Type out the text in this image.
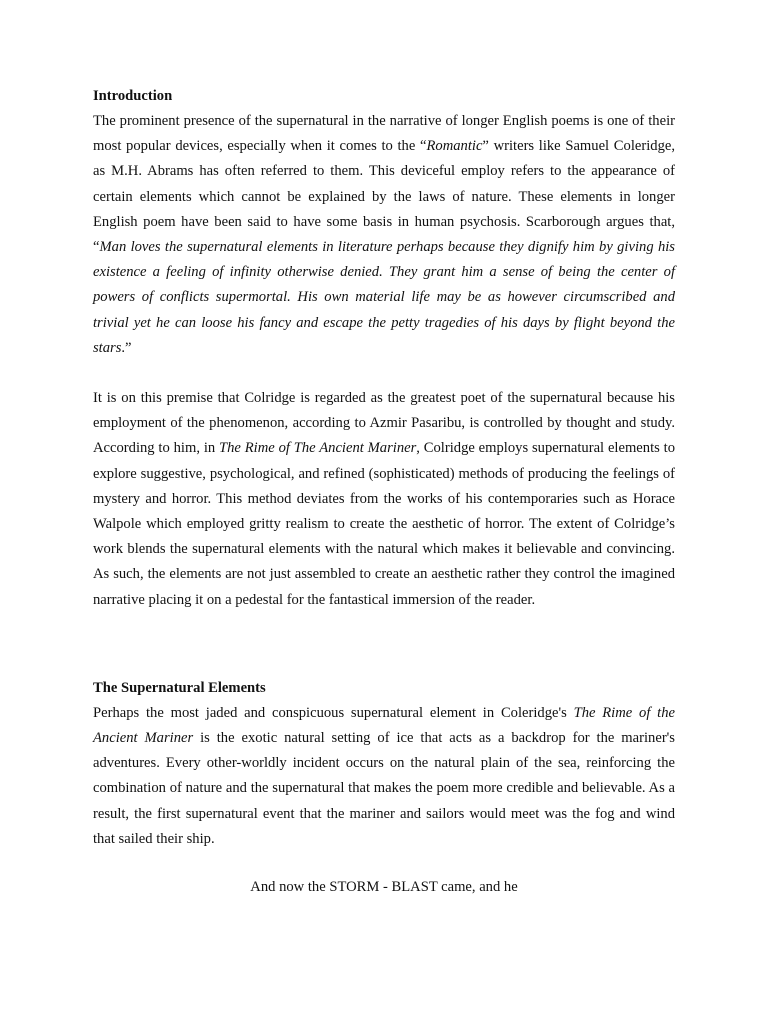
Introduction

The prominent presence of the supernatural in the narrative of longer English poems is one of their most popular devices, especially when it comes to the “Romantic” writers like Samuel Coleridge, as M.H. Abrams has often referred to them. This deviceful employ refers to the appearance of certain elements which cannot be explained by the laws of nature. These elements in longer English poem have been said to have some basis in human psychosis. Scarborough argues that, “Man loves the supernatural elements in literature perhaps because they dignify him by giving his existence a feeling of infinity otherwise denied. They grant him a sense of being the center of powers of conflicts supermortal. His own material life may be as however circumscribed and trivial yet he can loose his fancy and escape the petty tragedies of his days by flight beyond the stars.”

It is on this premise that Colridge is regarded as the greatest poet of the supernatural because his employment of the phenomenon, according to Azmir Pasaribu, is controlled by thought and study. According to him, in The Rime of The Ancient Mariner, Colridge employs supernatural elements to explore suggestive, psychological, and refined (sophisticated) methods of producing the feelings of mystery and horror. This method deviates from the works of his contemporaries such as Horace Walpole which employed gritty realism to create the aesthetic of horror. The extent of Colridge’s work blends the supernatural elements with the natural which makes it believable and convincing. As such, the elements are not just assembled to create an aesthetic rather they control the imagined narrative placing it on a pedestal for the fantastical immersion of the reader.

The Supernatural Elements

Perhaps the most jaded and conspicuous supernatural element in Coleridge's The Rime of the Ancient Mariner is the exotic natural setting of ice that acts as a backdrop for the mariner's adventures. Every other-worldly incident occurs on the natural plain of the sea, reinforcing the combination of nature and the supernatural that makes the poem more credible and believable. As a result, the first supernatural event that the mariner and sailors would meet was the fog and wind that sailed their ship.

And now the STORM - BLAST came, and he
